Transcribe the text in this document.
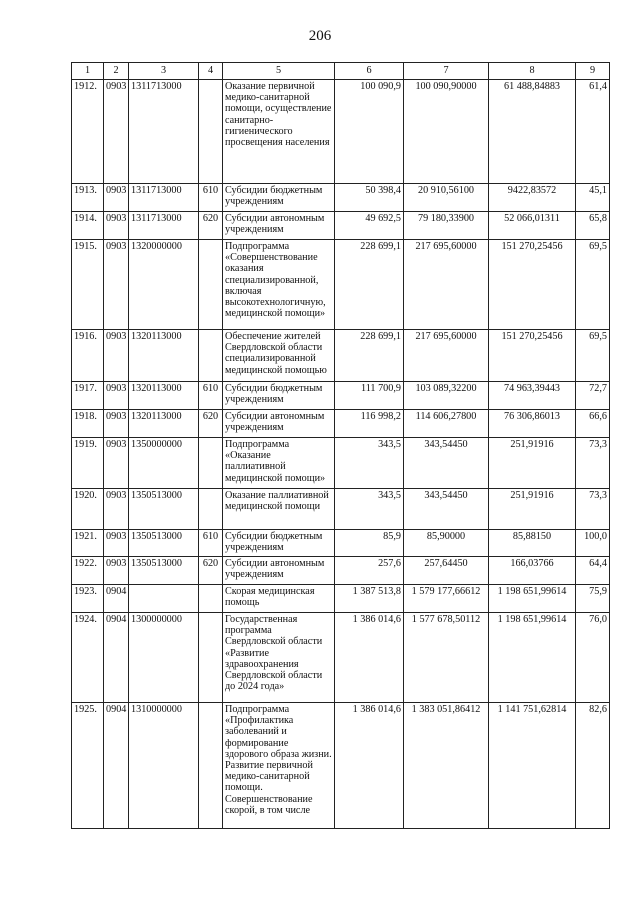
206
1	2	3	4	5	6	7	8	9
1912.	0903	1311713000		Оказание первичной медико-санитарной помощи, осуществление санитарно-гигиенического просвещения населения	100 090,9	100 090,90000	61 488,84883	61,4
1913.	0903	1311713000	610	Субсидии бюджетным учреждениям	50 398,4	20 910,56100	9422,83572	45,1
1914.	0903	1311713000	620	Субсидии автономным учреждениям	49 692,5	79 180,33900	52 066,01311	65,8
1915.	0903	1320000000		Подпрограмма «Совершенствование оказания специализированной, включая высокотехнологичную, медицинской помощи»	228 699,1	217 695,60000	151 270,25456	69,5
1916.	0903	1320113000		Обеспечение жителей Свердловской области специализированной медицинской помощью	228 699,1	217 695,60000	151 270,25456	69,5
1917.	0903	1320113000	610	Субсидии бюджетным учреждениям	111 700,9	103 089,32200	74 963,39443	72,7
1918.	0903	1320113000	620	Субсидии автономным учреждениям	116 998,2	114 606,27800	76 306,86013	66,6
1919.	0903	1350000000		Подпрограмма «Оказание паллиативной медицинской помощи»	343,5	343,54450	251,91916	73,3
1920.	0903	1350513000		Оказание паллиативной медицинской помощи	343,5	343,54450	251,91916	73,3
1921.	0903	1350513000	610	Субсидии бюджетным учреждениям	85,9	85,90000	85,88150	100,0
1922.	0903	1350513000	620	Субсидии автономным учреждениям	257,6	257,64450	166,03766	64,4
1923.	0904			Скорая медицинская помощь	1 387 513,8	1 579 177,66612	1 198 651,99614	75,9
1924.	0904	1300000000		Государственная программа Свердловской области «Развитие здравоохранения Свердловской области до 2024 года»	1 386 014,6	1 577 678,50112	1 198 651,99614	76,0
1925.	0904	1310000000		Подпрограмма «Профилактика заболеваний и формирование здорового образа жизни. Развитие первичной медико-санитарной помощи. Совершенствование скорой, в том числе	1 386 014,6	1 383 051,86412	1 141 751,62814	82,6
